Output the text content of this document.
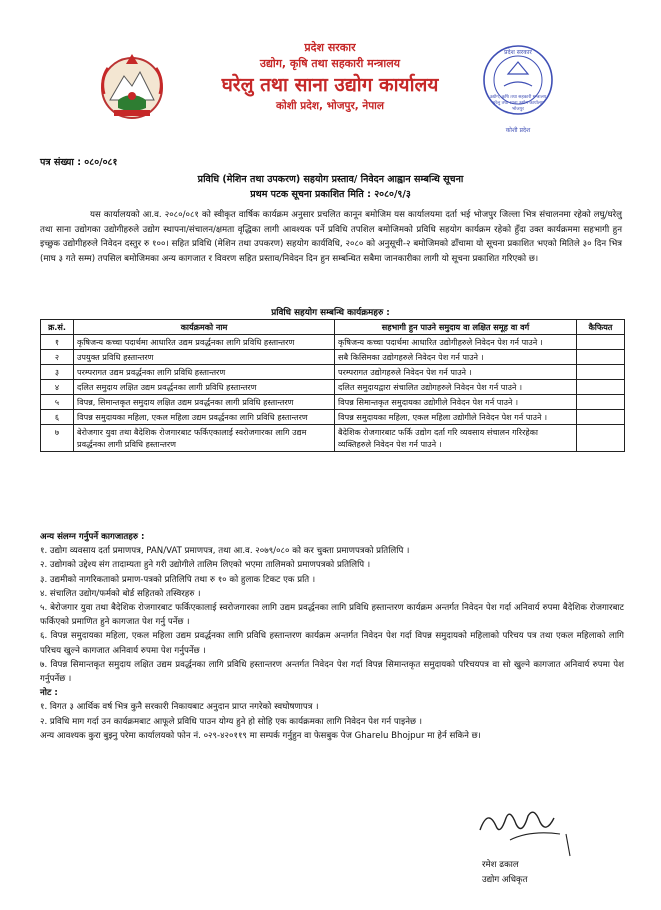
प्रदेश सरकार
उद्योग, कृषि तथा सहकारी मन्त्रालय
घरेलु तथा साना उद्योग कार्यालय
कोशी प्रदेश, भोजपुर, नेपाल
प्रदेश सरकार
उद्योग, कृषि तथा सहकारी मन्त्रालय
घरेलु तथा साना उद्योग कार्यालय
भोजपुर
कोशी प्रदेश
पत्र संख्या : ०८०/०८१
प्रविधि (मेशिन तथा उपकरण) सहयोग प्रस्ताव/ निवेदन आह्वान सम्बन्धि सूचना
प्रथम पटक सूचना प्रकाशित मिति : २०८०/९/३
यस कार्यालयको आ.व. २०८०/०८१ को स्वीकृत वार्षिक कार्यक्रम अनुसार प्रचलित कानून बमोजिम यस कार्यालयमा दर्ता भई भोजपुर जिल्ला भित्र संचालनमा रहेको लघु/घरेलु तथा साना उद्योगका उद्योगीहरुले उद्योग स्थापना/संचालन/क्षमता वृद्धिका लागी आवश्यक पर्ने प्रविधि तपशिल बमोजिमको प्रविधि सहयोग कार्यक्रम रहेको हुँदा उक्त कार्यक्रममा सहभागी हुन इच्छुक उद्योगीहरुले निवेदन दस्तुर रु १००। सहित प्रविधि (मेशिन तथा उपकरण) सहयोग कार्यविधि, २०८० को अनुसूची-२ बमोजिमको ढाँचामा यो सूचना प्रकाशित भएको मितिले ३० दिन भित्र (माघ ३ गते सम्म) तपसिल बमोजिमका अन्य कागजात र विवरण सहित प्रस्ताव/निवेदन दिन हुन सम्बन्धित सबैमा जानकारीका लागी यो सूचना प्रकाशित गरिएको छ।
प्रविधि सहयोग सम्बन्धि कार्यक्रमहरु :
क्र.सं.	कार्यक्रमको नाम	सहभागी हुन पाउने समुदाय वा लक्षित समूह वा वर्ग	कैफियत
१	कृषिजन्य कच्चा पदार्थमा आधारित उद्यम प्रवर्द्धनका लागि प्रविधि हस्तान्तरण	कृषिजन्य कच्चा पदार्थमा आधारित उद्योगीहरुले निवेदन पेश गर्न पाउने ।	
२	उपयुक्त प्रविधि हस्तान्तरण	सबै किसिमका उद्योगहरुले निवेदन पेश गर्न पाउने ।	
३	परम्परागत उद्यम प्रवर्द्धनका लागि प्रविधि हस्तान्तरण	परम्परागत उद्योगहरुले निवेदन पेश गर्न पाउने ।	
४	दलित समुदाय लक्षित उद्यम प्रवर्द्धनका लागी प्रविधि हस्तान्तरण	दलित समुदायद्वारा संचालित उद्योगहरुले निवेदन पेश गर्न पाउने ।	
५	विपन्न, सिमान्तकृत समुदाय लक्षित उद्यम प्रवर्द्धनका लागी प्रविधि हस्तान्तरण	विपन्न सिमान्तकृत समुदायका उद्योगीले निवेदन पेश गर्न पाउने ।	
६	विपन्न समुदायका महिला, एकल महिला उद्यम प्रवर्द्धनका लागि प्रविधि हस्तान्तरण	विपन्न समुदायका महिला, एकल महिला उद्योगीले निवेदन पेश गर्न पाउने ।	
७	बेरोजगार युवा तथा बैदेशिक रोजगारबाट फर्किएकालाई स्वरोजगारका लागि उद्यम प्रवर्द्धनका लागी प्रविधि हस्तान्तरण	बैदेशिक रोजगारबाट फर्कि उद्योग दर्ता गरि व्यवसाय संचालन गरिरहेका व्यक्तिहरुले निवेदन पेश गर्न पाउने ।	
अन्य संलग्न गर्नुपर्ने कागजातहरु :
१. उद्योग व्यवसाय दर्ता प्रमाणपत्र, PAN/VAT प्रमाणपत्र, तथा आ.व. २०७९/०८० को कर चुक्ता प्रमाणपत्रको प्रतिलिपि ।
२. उद्योगको उद्देश्य संग तादाम्यता हुने गरी उद्योगीले तालिम लिएको भएमा तालिमको प्रमाणपत्रको प्रतिलिपि ।
३. उद्यमीको नागरिकताको प्रमाण-पत्रको प्रतिलिपि तथा रु १० को हुलाक टिकट एक प्रति ।
४. संचालित उद्योग/फर्मको बोर्ड सहितको तस्विरहरु ।
५. बेरोजगार युवा तथा बैदेशिक रोजगारबाट फर्किएकालाई स्वरोजगारका लागि उद्यम प्रवर्द्धनका लागि प्रविधि हस्तान्तरण कार्यक्रम अन्तर्गत निवेदन पेश गर्दा अनिवार्य रुपमा बैदेशिक रोजगारबाट फर्किएको प्रमाणित हुने कागजात पेश गर्नु पर्नेछ ।
६. विपन्न समुदायका महिला, एकल महिला उद्यम प्रवर्द्धनका लागि प्रविधि हस्तान्तरण कार्यक्रम अन्तर्गत निवेदन पेश गर्दा विपन्न समुदायको महिलाको परिचय पत्र तथा एकल महिलाको लागि परिचय खुल्ने कागजात अनिवार्य रुपमा पेश गर्नुपर्नेछ ।
७. विपन्न सिमान्तकृत समुदाय लक्षित उद्यम प्रवर्द्धनका लागि प्रविधि हस्तान्तरण अन्तर्गत निवेदन पेश गर्दा विपन्न सिमान्तकृत समुदायको परिचयपत्र वा सो खुल्ने कागजात अनिवार्य रुपमा पेश गर्नुपर्नेछ ।
नोट :
१. विगत ३ आर्थिक वर्ष भित्र कुनै सरकारी निकायबाट अनुदान प्राप्त नगरेको स्वघोषणापत्र ।
२. प्रविधि माग गर्दा उन कार्यक्रमबाट आफूले प्रविधि पाउन योग्य हुने हो सोहि एक कार्यक्रमका लागि निवेदन पेश गर्न पाइनेछ ।
अन्य आवश्यक कुरा बुझ्नु परेमा कार्यालयको फोन नं. ०२९-४२०११९ मा सम्पर्क गर्नुहुन वा फेसबुक पेज Gharelu Bhojpur मा हेर्न सकिने छ।
रमेश ढकाल
उद्योग अधिकृत
